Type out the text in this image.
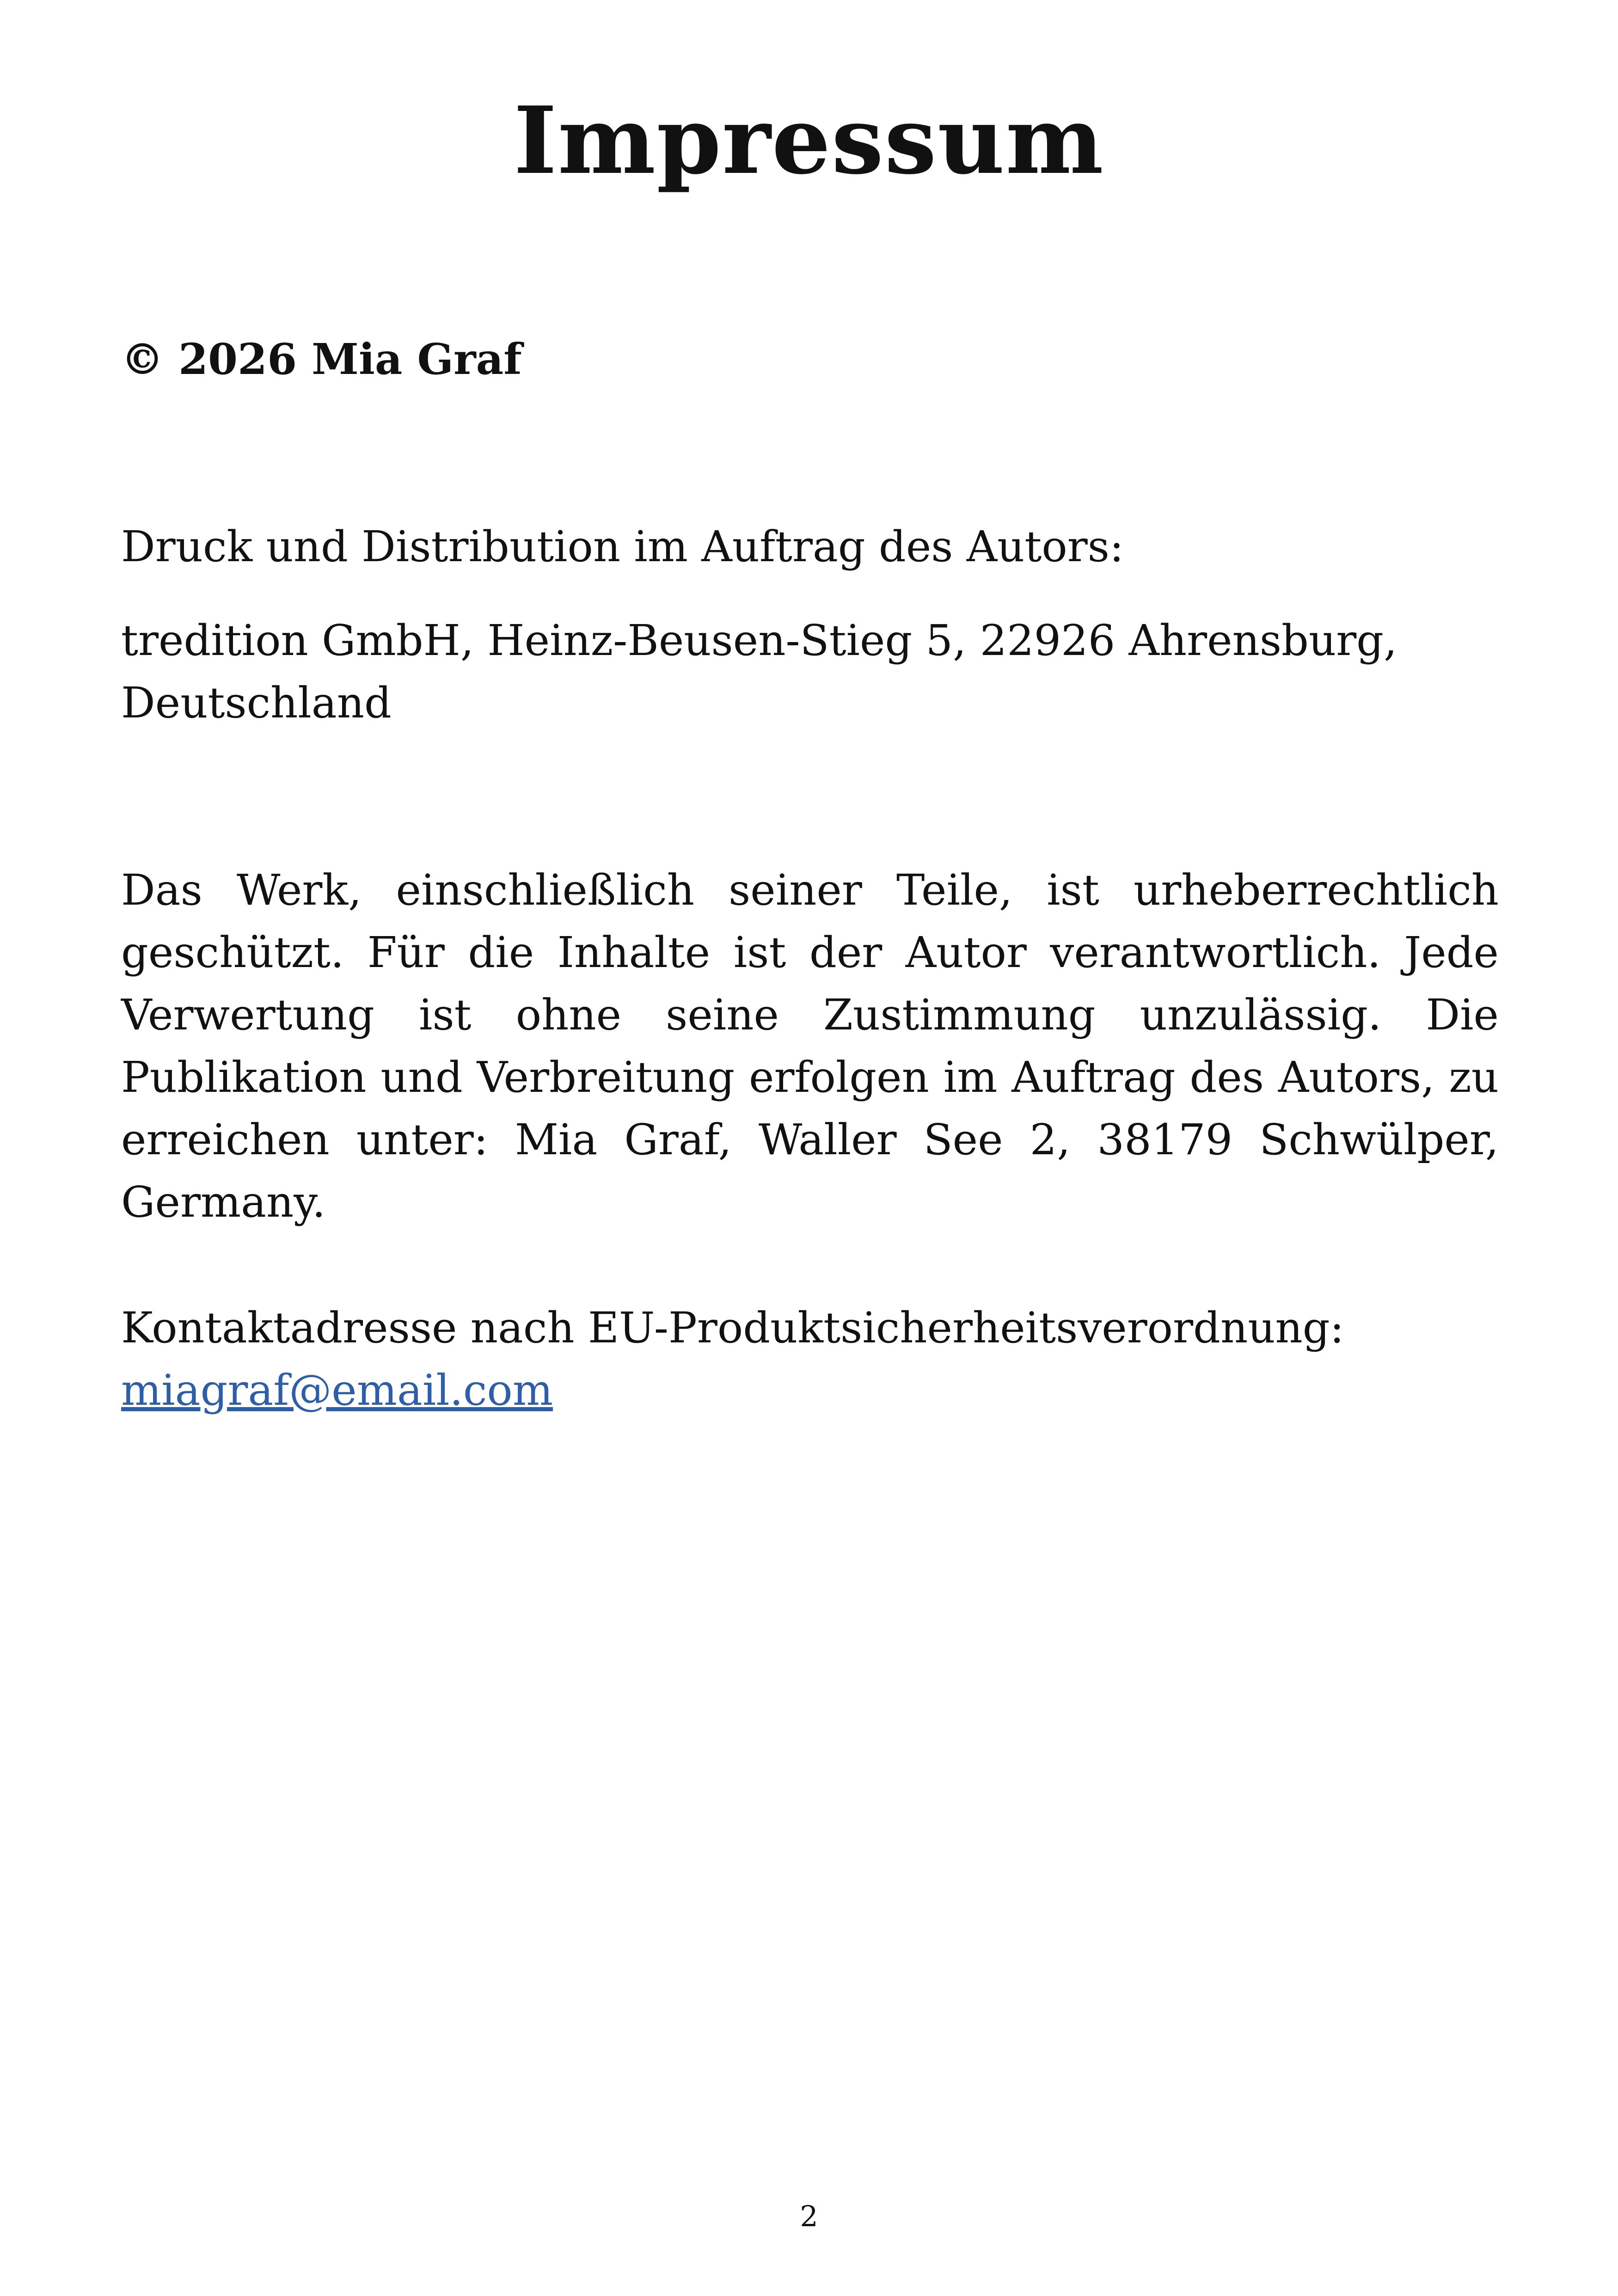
Impressum
© 2026 Mia Graf
Druck und Distribution im Auftrag des Autors:
tredition GmbH, Heinz-Beusen-Stieg 5, 22926 Ahrensburg,
Deutschland
Das Werk, einschließlich seiner Teile, ist urheberrechtlich geschützt. Für die Inhalte ist der Autor verantwortlich. Jede Verwertung ist ohne seine Zustimmung unzulässig. Die Publikation und Verbreitung erfolgen im Auftrag des Autors, zu erreichen unter: Mia Graf, Waller See 2, 38179 Schwülper, Germany.
Kontaktadresse nach EU-Produktsicherheitsverordnung:
miagraf@email.com
2
